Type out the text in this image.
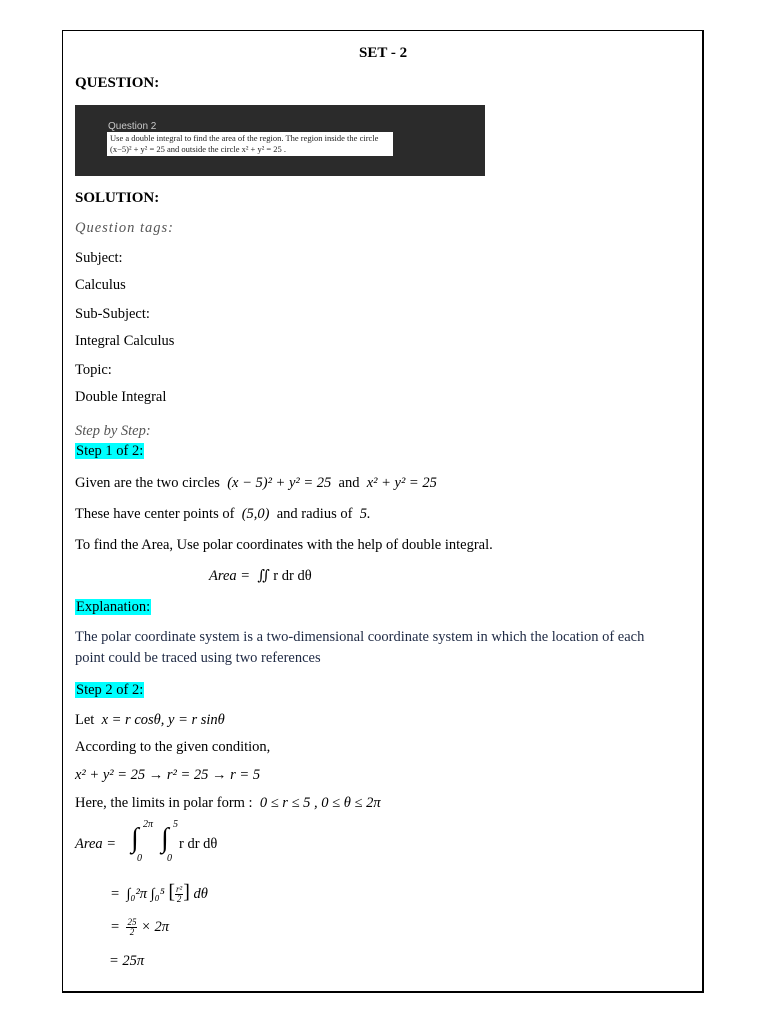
SET - 2
QUESTION:
Question 2
Use a double integral to find the area of the region. The region inside the circle
(x−5)² + y² = 25 and outside the circle x² + y² = 25 .
SOLUTION:
Question tags:
Subject:
Calculus
Sub-Subject:
Integral Calculus
Topic:
Double Integral
Step by Step:
Step 1 of 2:
Given are the two circles (x − 5)² + y² = 25 and x² + y² = 25
These have center points of (5,0) and radius of 5.
To find the Area, Use polar coordinates with the help of double integral.
Area = ∬ r dr dθ
Explanation:
The polar coordinate system is a two-dimensional coordinate system in which the location of each
point could be traced using two references
Step 2 of 2:
Let x = r cosθ, y = r sinθ
According to the given condition,
x² + y² = 25 → r² = 25 → r = 5
Here, the limits in polar form : 0 ≤ r ≤ 5 , 0 ≤ θ ≤ 2π
Area = ∫ 2π
0
∫ 5
0
r dr dθ
= ∫₀²π ∫₀⁵ [ $\frac{\text{r²}}{2}$ ] dθ
= $\frac{25}{2} \times 2\pi$
= 25π
